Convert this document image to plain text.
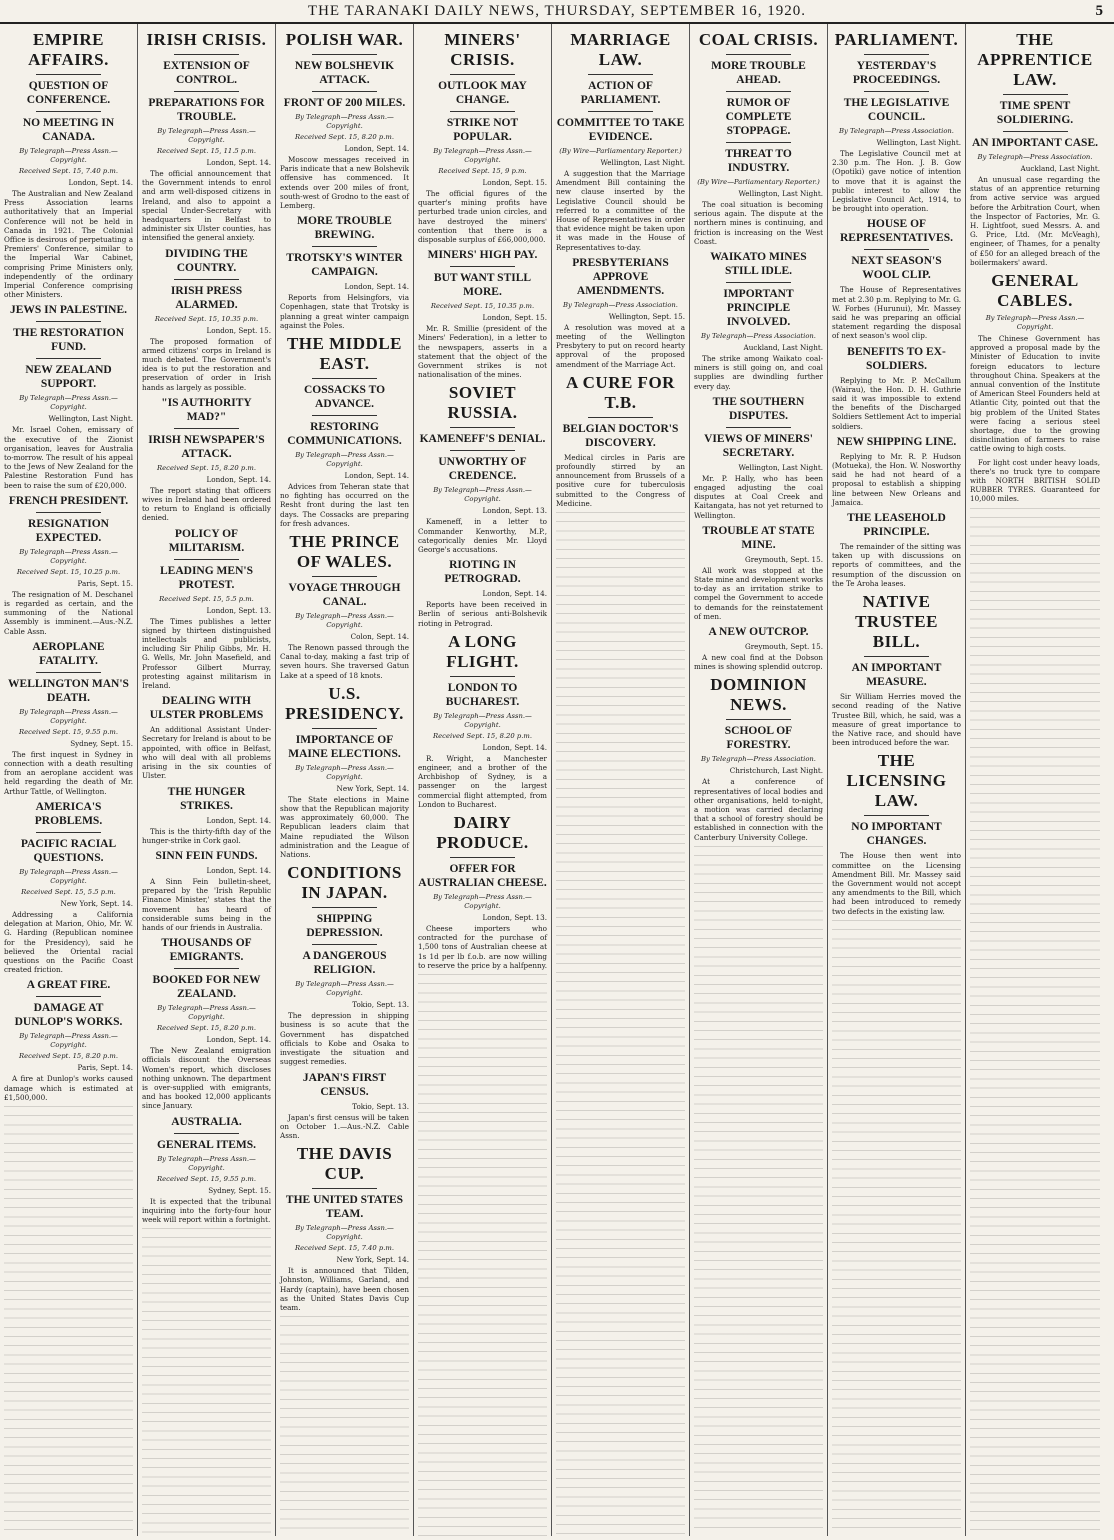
THE TARANAKI DAILY NEWS, THURSDAY, SEPTEMBER 16, 1920.	5
EMPIRE AFFAIRS.
QUESTION OF CONFERENCE.
NO MEETING IN CANADA.
By Telegraph—Press Assn.—Copyright.
Received Sept. 15, 7.40 p.m.
London, Sept. 14.

The Australian and New Zealand Press Association learns authoritatively that an Imperial Conference will not be held in Canada in 1921. The Colonial Office is desirous of perpetuating a Premiers' Conference, similar to the Imperial War Cabinet, comprising Prime Ministers only, independently of the ordinary Imperial Conference comprising other Ministers.

JEWS IN PALESTINE.
THE RESTORATION FUND.
NEW ZEALAND SUPPORT.
By Telegraph—Press Assn.—Copyright.
Wellington, Last Night.

Mr. Israel Cohen, emissary of the executive of the Zionist organisation, leaves for Australia to-morrow. The result of his appeal to the Jews of New Zealand for the Palestine Restoration Fund has been to raise the sum of £20,000.

FRENCH PRESIDENT.
RESIGNATION EXPECTED.
By Telegraph—Press Assn.—Copyright.
Received Sept. 15, 10.25 p.m.
Paris, Sept. 15.

The resignation of M. Deschanel is regarded as certain, and the summoning of the National Assembly is imminent.—Aus.-N.Z. Cable Assn.

AEROPLANE FATALITY.
WELLINGTON MAN'S DEATH.
By Telegraph—Press Assn.—Copyright.
Received Sept. 15, 9.55 p.m.
Sydney, Sept. 15.

The first inquest in Sydney in connection with a death resulting from an aeroplane accident was held regarding the death of Mr. Arthur Tattle, of Wellington.

AMERICA'S PROBLEMS.
PACIFIC RACIAL QUESTIONS.
By Telegraph—Press Assn.—Copyright.
Received Sept. 15, 5.5 p.m.
New York, Sept. 14.

Addressing a California delegation at Marion, Ohio, Mr. W. G. Harding (Republican nominee for the Presidency), said he believed the Oriental racial questions on the Pacific Coast created friction.

A GREAT FIRE.
DAMAGE AT DUNLOP'S WORKS.
By Telegraph—Press Assn.—Copyright.
Received Sept. 15, 8.20 p.m.
Paris, Sept. 14.

A fire at Dunlop's works caused damage which is estimated at £1,500,000.

IRISH CRISIS.
EXTENSION OF CONTROL.
PREPARATIONS FOR TROUBLE.
By Telegraph—Press Assn.—Copyright.
Received Sept. 15, 11.5 p.m.
London, Sept. 14.

The official announcement that the Government intends to enrol and arm well-disposed citizens in Ireland, and also to appoint a special Under-Secretary with headquarters in Belfast to administer six Ulster counties, has intensified the general anxiety.

DIVIDING THE COUNTRY.
IRISH PRESS ALARMED.
Received Sept. 15, 10.35 p.m.
London, Sept. 15.

The proposed formation of armed citizens' corps in Ireland is much debated. The Government's idea is to put the restoration and preservation of order in Irish hands as largely as possible.

"IS AUTHORITY MAD?"
IRISH NEWSPAPER'S ATTACK.
Received Sept. 15, 8.20 p.m.
London, Sept. 14.

The report stating that officers wives in Ireland had been ordered to return to England is officially denied.

POLICY OF MILITARISM.
LEADING MEN'S PROTEST.
Received Sept. 15, 5.5 p.m.
London, Sept. 13.

The Times publishes a letter signed by thirteen distinguished intellectuals and publicists, including Sir Philip Gibbs, Mr. H. G. Wells, Mr. John Masefield, and Professor Gilbert Murray, protesting against militarism in Ireland.

DEALING WITH ULSTER PROBLEMS

An additional Assistant Under-Secretary for Ireland is about to be appointed, with office in Belfast, who will deal with all problems arising in the six counties of Ulster.

THE HUNGER STRIKES.
London, Sept. 14.

This is the thirty-fifth day of the hunger-strike in Cork gaol.

SINN FEIN FUNDS.
London, Sept. 14.

A Sinn Fein bulletin-sheet, prepared by the 'Irish Republic Finance Minister,' states that the movement has heard of considerable sums being in the hands of our friends in Australia.

THOUSANDS OF EMIGRANTS.
BOOKED FOR NEW ZEALAND.
By Telegraph—Press Assn.—Copyright.
Received Sept. 15, 8.20 p.m.
London, Sept. 14.

The New Zealand emigration officials discount the Overseas Women's report, which discloses nothing unknown. The department is over-supplied with emigrants, and has booked 12,000 applicants since January.

AUSTRALIA.
GENERAL ITEMS.
By Telegraph—Press Assn.—Copyright.
Received Sept. 15, 9.55 p.m.
Sydney, Sept. 15.

It is expected that the tribunal inquiring into the forty-four hour week will report within a fortnight.

POLISH WAR.
NEW BOLSHEVIK ATTACK.
FRONT OF 200 MILES.
By Telegraph—Press Assn.—Copyright.
Received Sept. 15, 8.20 p.m.
London, Sept. 14.

Moscow messages received in Paris indicate that a new Bolshevik offensive has commenced. It extends over 200 miles of front, south-west of Grodno to the east of Lemberg.

MORE TROUBLE BREWING.
TROTSKY'S WINTER CAMPAIGN.
London, Sept. 14.

Reports from Helsingfors, via Copenhagen, state that Trotsky is planning a great winter campaign against the Poles.

THE MIDDLE EAST.
COSSACKS TO ADVANCE.
RESTORING COMMUNICATIONS.
By Telegraph—Press Assn.—Copyright.
London, Sept. 14.

Advices from Teheran state that no fighting has occurred on the Resht front during the last ten days. The Cossacks are preparing for fresh advances.

THE PRINCE OF WALES.
VOYAGE THROUGH CANAL.
By Telegraph—Press Assn.—Copyright.
Colon, Sept. 14.

The Renown passed through the Canal to-day, making a fast trip of seven hours. She traversed Gatun Lake at a speed of 18 knots.

U.S. PRESIDENCY.
IMPORTANCE OF MAINE ELECTIONS.
By Telegraph—Press Assn.—Copyright.
New York, Sept. 14.

The State elections in Maine show that the Republican majority was approximately 60,000. The Republican leaders claim that Maine repudiated the Wilson administration and the League of Nations.

CONDITIONS IN JAPAN.
SHIPPING DEPRESSION.
A DANGEROUS RELIGION.
By Telegraph—Press Assn.—Copyright.
Tokio, Sept. 13.

The depression in shipping business is so acute that the Government has dispatched officials to Kobe and Osaka to investigate the situation and suggest remedies.

JAPAN'S FIRST CENSUS.
Tokio, Sept. 13.

Japan's first census will be taken on October 1.—Aus.-N.Z. Cable Assn.

THE DAVIS CUP.
THE UNITED STATES TEAM.
By Telegraph—Press Assn.—Copyright.
Received Sept. 15, 7.40 p.m.
New York, Sept. 14.

It is announced that Tilden, Johnston, Williams, Garland, and Hardy (captain), have been chosen as the United States Davis Cup team.

MINERS' CRISIS.
OUTLOOK MAY CHANGE.
STRIKE NOT POPULAR.
By Telegraph—Press Assn.—Copyright.
Received Sept. 15, 9 p.m.
London, Sept. 15.

The official figures of the quarter's mining profits have perturbed trade union circles, and have destroyed the miners' contention that there is a disposable surplus of £66,000,000.

MINERS' HIGH PAY.
BUT WANT STILL MORE.
Received Sept. 15, 10.35 p.m.
London, Sept. 15.

Mr. R. Smillie (president of the Miners' Federation), in a letter to the newspapers, asserts in a statement that the object of the Government strikes is not nationalisation of the mines.

SOVIET RUSSIA.
KAMENEFF'S DENIAL.
UNWORTHY OF CREDENCE.
By Telegraph—Press Assn.—Copyright.
London, Sept. 13.

Kameneff, in a letter to Commander Kenworthy, M.P., categorically denies Mr. Lloyd George's accusations.

RIOTING IN PETROGRAD.
London, Sept. 14.

Reports have been received in Berlin of serious anti-Bolshevik rioting in Petrograd.

A LONG FLIGHT.
LONDON TO BUCHAREST.
By Telegraph—Press Assn.—Copyright.
Received Sept. 15, 8.20 p.m.
London, Sept. 14.

R. Wright, a Manchester engineer, and a brother of the Archbishop of Sydney, is a passenger on the largest commercial flight attempted, from London to Bucharest.

DAIRY PRODUCE.
OFFER FOR AUSTRALIAN CHEESE.
By Telegraph—Press Assn.—Copyright.
London, Sept. 13.

Cheese importers who contracted for the purchase of 1,500 tons of Australian cheese at 1s 1d per lb f.o.b. are now willing to reserve the price by a halfpenny.

MARRIAGE LAW.
ACTION OF PARLIAMENT.
COMMITTEE TO TAKE EVIDENCE.
(By Wire—Parliamentary Reporter.)
Wellington, Last Night.

A suggestion that the Marriage Amendment Bill containing the new clause inserted by the Legislative Council should be referred to a committee of the House of Representatives in order that evidence might be taken upon it was made in the House of Representatives to-day.

PRESBYTERIANS APPROVE AMENDMENTS.
By Telegraph—Press Association.
Wellington, Sept. 15.

A resolution was moved at a meeting of the Wellington Presbytery to put on record hearty approval of the proposed amendment of the Marriage Act.

A CURE FOR T.B.
BELGIAN DOCTOR'S DISCOVERY.

Medical circles in Paris are profoundly stirred by an announcement from Brussels of a positive cure for tuberculosis submitted to the Congress of Medicine.

COAL CRISIS.
MORE TROUBLE AHEAD.
RUMOR OF COMPLETE STOPPAGE.
THREAT TO INDUSTRY.
(By Wire—Parliamentary Reporter.)
Wellington, Last Night.

The coal situation is becoming serious again. The dispute at the northern mines is continuing, and friction is increasing on the West Coast.

WAIKATO MINES STILL IDLE.
IMPORTANT PRINCIPLE INVOLVED.
By Telegraph—Press Association.
Auckland, Last Night.

The strike among Waikato coal-miners is still going on, and coal supplies are dwindling further every day.

THE SOUTHERN DISPUTES.
VIEWS OF MINERS' SECRETARY.
Wellington, Last Night.

Mr. P. Hally, who has been engaged adjusting the coal disputes at Coal Creek and Kaitangata, has not yet returned to Wellington.

TROUBLE AT STATE MINE.
Greymouth, Sept. 15.

All work was stopped at the State mine and development works to-day as an irritation strike to compel the Government to accede to demands for the reinstatement of men.

A NEW OUTCROP.
Greymouth, Sept. 15.

A new coal find at the Dobson mines is showing splendid outcrop.

DOMINION NEWS.
SCHOOL OF FORESTRY.
By Telegraph—Press Association.
Christchurch, Last Night.

At a conference of representatives of local bodies and other organisations, held to-night, a motion was carried declaring that a school of forestry should be established in connection with the Canterbury University College.

PARLIAMENT.
YESTERDAY'S PROCEEDINGS.
THE LEGISLATIVE COUNCIL.
By Telegraph—Press Association.
Wellington, Last Night.

The Legislative Council met at 2.30 p.m. The Hon. J. B. Gow (Opotiki) gave notice of intention to move that it is against the public interest to allow the Legislative Council Act, 1914, to be brought into operation.

HOUSE OF REPRESENTATIVES.
NEXT SEASON'S WOOL CLIP.

The House of Representatives met at 2.30 p.m. Replying to Mr. G. W. Forbes (Hurunui), Mr. Massey said he was preparing an official statement regarding the disposal of next season's wool clip.

BENEFITS TO EX-SOLDIERS.

Replying to Mr. P. McCallum (Wairau), the Hon. D. H. Guthrie said it was impossible to extend the benefits of the Discharged Soldiers Settlement Act to imperial soldiers.

NEW SHIPPING LINE.

Replying to Mr. R. P. Hudson (Motueka), the Hon. W. Nosworthy said he had not heard of a proposal to establish a shipping line between New Orleans and Jamaica.

THE LEASEHOLD PRINCIPLE.

The remainder of the sitting was taken up with discussions on reports of committees, and the resumption of the discussion on the Te Aroha leases.

NATIVE TRUSTEE BILL.
AN IMPORTANT MEASURE.

Sir William Herries moved the second reading of the Native Trustee Bill, which, he said, was a measure of great importance to the Native race, and should have been introduced before the war.

THE LICENSING LAW.
NO IMPORTANT CHANGES.

The House then went into committee on the Licensing Amendment Bill. Mr. Massey said the Government would not accept any amendments to the Bill, which had been introduced to remedy two defects in the existing law.

THE APPRENTICE LAW.
TIME SPENT SOLDIERING.
AN IMPORTANT CASE.
By Telegraph—Press Association.
Auckland, Last Night.

An unusual case regarding the status of an apprentice returning from active service was argued before the Arbitration Court, when the Inspector of Factories, Mr. G. H. Lightfoot, sued Messrs. A. and G. Price, Ltd. (Mr. McVeagh), engineer, of Thames, for a penalty of £50 for an alleged breach of the boilermakers' award.

GENERAL CABLES.
By Telegraph—Press Assn.—Copyright.

The Chinese Government has approved a proposal made by the Minister of Education to invite foreign educators to lecture throughout China. Speakers at the annual convention of the Institute of American Steel Founders held at Atlantic City, pointed out that the big problem of the United States were facing a serious steel shortage, due to the growing disinclination of farmers to raise cattle owing to high costs.

For light cost under heavy loads, there's no truck tyre to compare with NORTH BRITISH SOLID RUBBER TYRES. Guaranteed for 10,000 miles.
